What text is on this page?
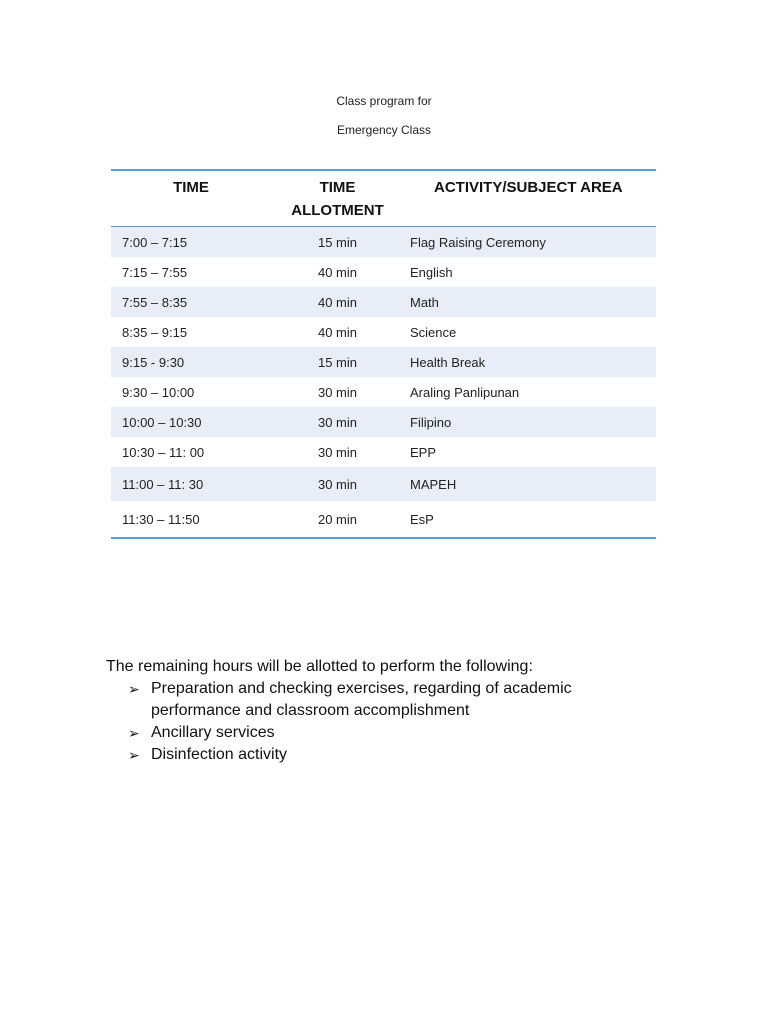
Class program for
Emergency Class
TIME	TIME ALLOTMENT	ACTIVITY/SUBJECT AREA
7:00 – 7:15	15 min	Flag Raising Ceremony
7:15 – 7:55	40 min	English
7:55 – 8:35	40 min	Math
8:35 – 9:15	40 min	Science
9:15 - 9:30	15 min	Health Break
9:30 – 10:00	30 min	Araling Panlipunan
10:00 – 10:30	30 min	Filipino
10:30 – 11: 00	30 min	EPP
11:00 – 11: 30	30 min	MAPEH
11:30 – 11:50	20 min	EsP
The remaining hours will be allotted to perform the following:
➢ Preparation and checking exercises, regarding of academic performance and classroom accomplishment
➢ Ancillary services
➢ Disinfection activity
